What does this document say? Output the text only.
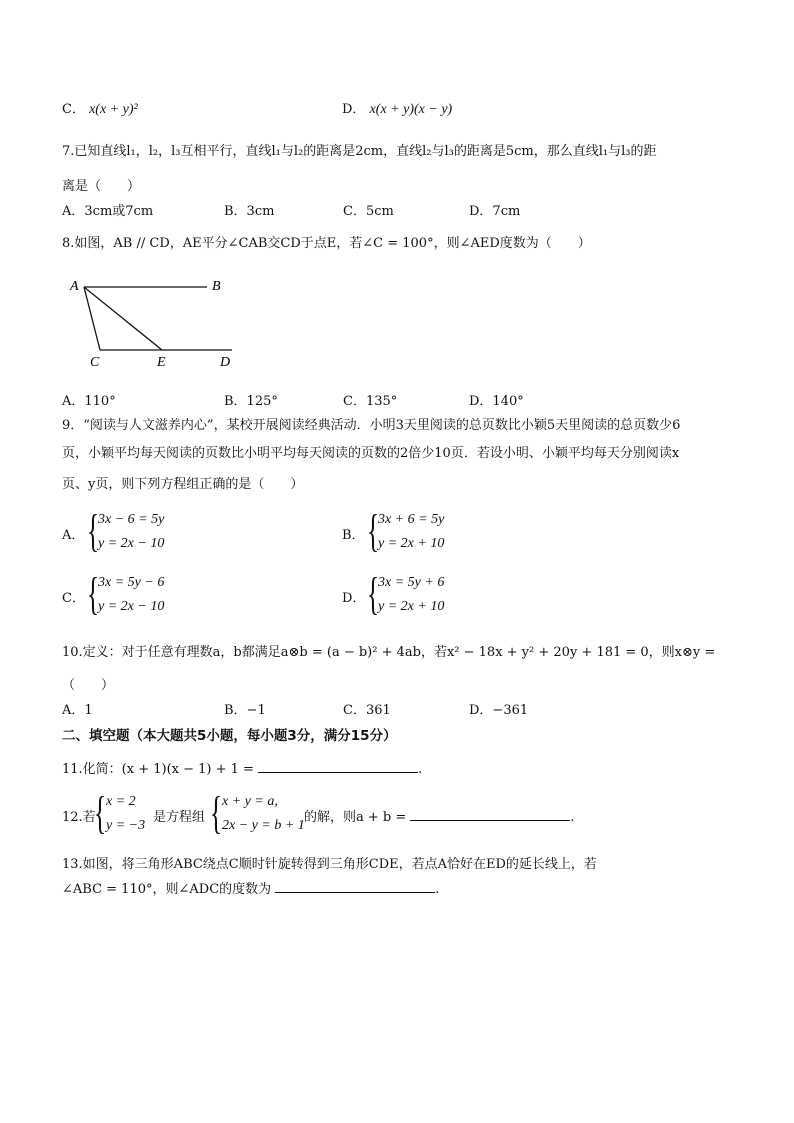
C． x(x + y)²	D． x(x + y)(x − y)
7.已知直线l₁，l₂，l₃互相平行，直线l₁与l₂的距离是2cm，直线l₂与l₃的距离是5cm，那么直线l₁与l₃的距
离是（　　）
A．3cm或7cm	B．3cm	C．5cm	D．7cm
8.如图，AB // CD，AE平分∠CAB交CD于点E，若∠C = 100°，则∠AED度数为（　　）
A	B
C	E	D
A．110°	B．125°	C．135°	D．140°
9．“阅读与人文滋养内心”，某校开展阅读经典活动．小明3天里阅读的总页数比小颖5天里阅读的总页数少6
页，小颖平均每天阅读的页数比小明平均每天阅读的页数的2倍少10页．若设小明、小颖平均每天分别阅读x
页、y页，则下列方程组正确的是（　　）
A． {
3x − 6 = 5y
y = 2x − 10
B． {
3x + 6 = 5y
y = 2x + 10
C． {
3x = 5y − 6
y = 2x − 10
D． {
3x = 5y + 6
y = 2x + 10
10.定义：对于任意有理数a，b都满足a⊗b = (a − b)² + 4ab，若x² − 18x + y² + 20y + 181 = 0，则x⊗y =
（　　）
A．1	B．−1	C．361	D．−361
二、填空题（本大题共5小题，每小题3分，满分15分）
11.化简：(x + 1)(x − 1) + 1 =	.
12.若
{ x = 2
y = −3
是方程组 { x + y = a,
2x − y = b + 1
的解，则a + b =	.
13.如图，将三角形ABC绕点C顺时针旋转得到三角形CDE，若点A恰好在ED的延长线上，若
∠ABC = 110°，则∠ADC的度数为	.
